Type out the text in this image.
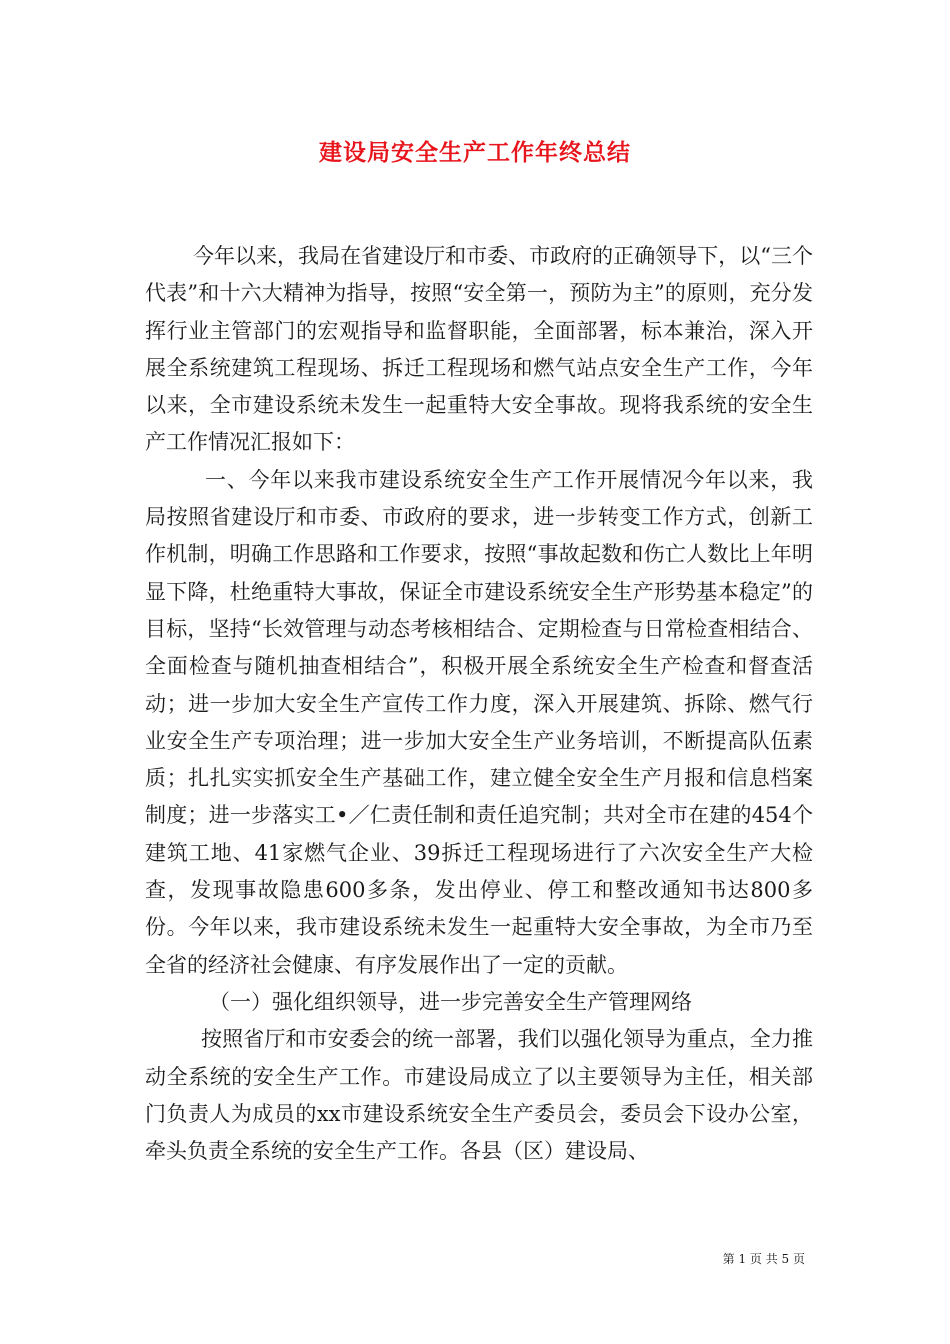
建设局安全生产工作年终总结

今年以来，我局在省建设厅和市委、市政府的正确领导下，以“三个代表”和十六大精神为指导，按照“安全第一，预防为主”的原则，充分发挥行业主管部门的宏观指导和监督职能，全面部署，标本兼治，深入开展全系统建筑工程现场、拆迁工程现场和燃气站点安全生产工作，今年以来，全市建设系统未发生一起重特大安全事故。现将我系统的安全生产工作情况汇报如下：

一、今年以来我市建设系统安全生产工作开展情况今年以来，我局按照省建设厅和市委、市政府的要求，进一步转变工作方式，创新工作机制，明确工作思路和工作要求，按照“事故起数和伤亡人数比上年明显下降，杜绝重特大事故，保证全市建设系统安全生产形势基本稳定”的目标，坚持“长效管理与动态考核相结合、定期检查与日常检查相结合、全面检查与随机抽查相结合”，积极开展全系统安全生产检查和督查活动；进一步加大安全生产宣传工作力度，深入开展建筑、拆除、燃气行业安全生产专项治理；进一步加大安全生产业务培训，不断提高队伍素质；扎扎实实抓安全生产基础工作，建立健全安全生产月报和信息档案制度；进一步落实工•／仁责任制和责任追究制；共对全市在建的454个建筑工地、41家燃气企业、39拆迁工程现场进行了六次安全生产大检查，发现事故隐患600多条，发出停业、停工和整改通知书达800多份。今年以来，我市建设系统未发生一起重特大安全事故，为全市乃至全省的经济社会健康、有序发展作出了一定的贡献。

（一）强化组织领导，进一步完善安全生产管理网络

按照省厅和市安委会的统一部署，我们以强化领导为重点，全力推动全系统的安全生产工作。市建设局成立了以主要领导为主任，相关部门负责人为成员的xx市建设系统安全生产委员会，委员会下设办公室，牵头负责全系统的安全生产工作。各县（区）建设局、

第 1 页 共 5 页
